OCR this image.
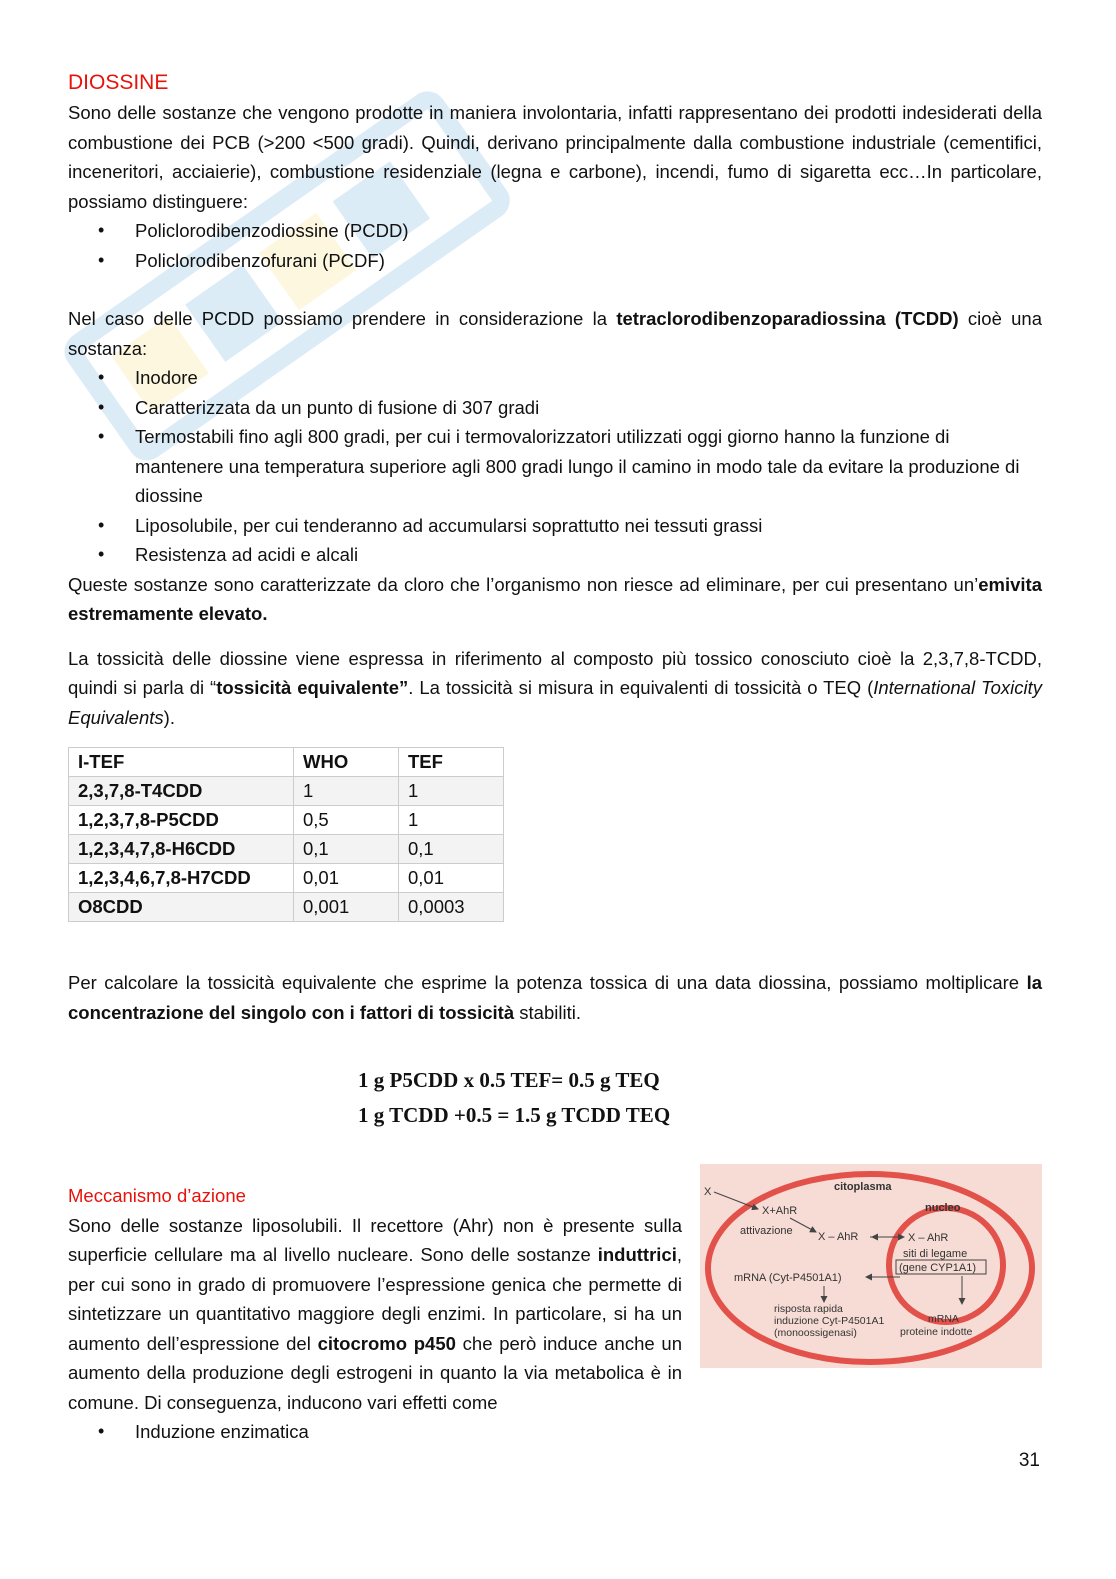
DIOSSINE

Sono delle sostanze che vengono prodotte in maniera involontaria, infatti rappresentano dei prodotti indesiderati della combustione dei PCB (>200 <500 gradi). Quindi, derivano principalmente dalla combustione industriale (cementifici, inceneritori, acciaierie), combustione residenziale (legna e carbone), incendi, fumo di sigaretta ecc…In particolare, possiamo distinguere:

• Policlorodibenzodiossine (PCDD)
• Policlorodibenzofurani (PCDF)

Nel caso delle PCDD possiamo prendere in considerazione la tetraclorodibenzoparadiossina (TCDD) cioè una sostanza:

• Inodore
• Caratterizzata da un punto di fusione di 307 gradi
• Termostabili fino agli 800 gradi, per cui i termovalorizzatori utilizzati oggi giorno hanno la funzione di mantenere una temperatura superiore agli 800 gradi lungo il camino in modo tale da evitare la produzione di diossine
• Liposolubile, per cui tenderanno ad accumularsi soprattutto nei tessuti grassi
• Resistenza ad acidi e alcali

Queste sostanze sono caratterizzate da cloro che l’organismo non riesce ad eliminare, per cui presentano un’emivita estremamente elevato.

La tossicità delle diossine viene espressa in riferimento al composto più tossico conosciuto cioè la 2,3,7,8-TCDD, quindi si parla di “tossicità equivalente”. La tossicità si misura in equivalenti di tossicità o TEQ (International Toxicity Equivalents).

I-TEF	WHO	TEF
2,3,7,8-T4CDD	1	1
1,2,3,7,8-P5CDD	0,5	1
1,2,3,4,7,8-H6CDD	0,1	0,1
1,2,3,4,6,7,8-H7CDD	0,01	0,01
O8CDD	0,001	0,0003

Per calcolare la tossicità equivalente che esprime la potenza tossica di una data diossina, possiamo moltiplicare la concentrazione del singolo con i fattori di tossicità stabiliti.

1 g P5CDD x 0.5 TEF= 0.5 g TEQ
1 g TCDD +0.5 = 1.5 g TCDD TEQ
Meccanismo d’azione

Sono delle sostanze liposolubili. Il recettore (Ahr) non è presente sulla superficie cellulare ma al livello nucleare. Sono delle sostanze induttrici, per cui sono in grado di promuovere l’espressione genica che permette di sintetizzare un quantitativo maggiore degli enzimi. In particolare, si ha un aumento dell’espressione del citocromo p450 che però induce anche un aumento della produzione degli estrogeni in quanto la via metabolica è in comune. Di conseguenza, inducono vari effetti come

• Induzione enzimatica
citoplasma
nucleo
X
X+AhR
attivazione X – AhR	X – AhR
siti di legame
(gene CYP1A1)
mRNA (Cyt-P4501A1)
risposta rapida
induzione Cyt-P4501A1
(monoossigenasi)
mRNA
proteine indotte
31
